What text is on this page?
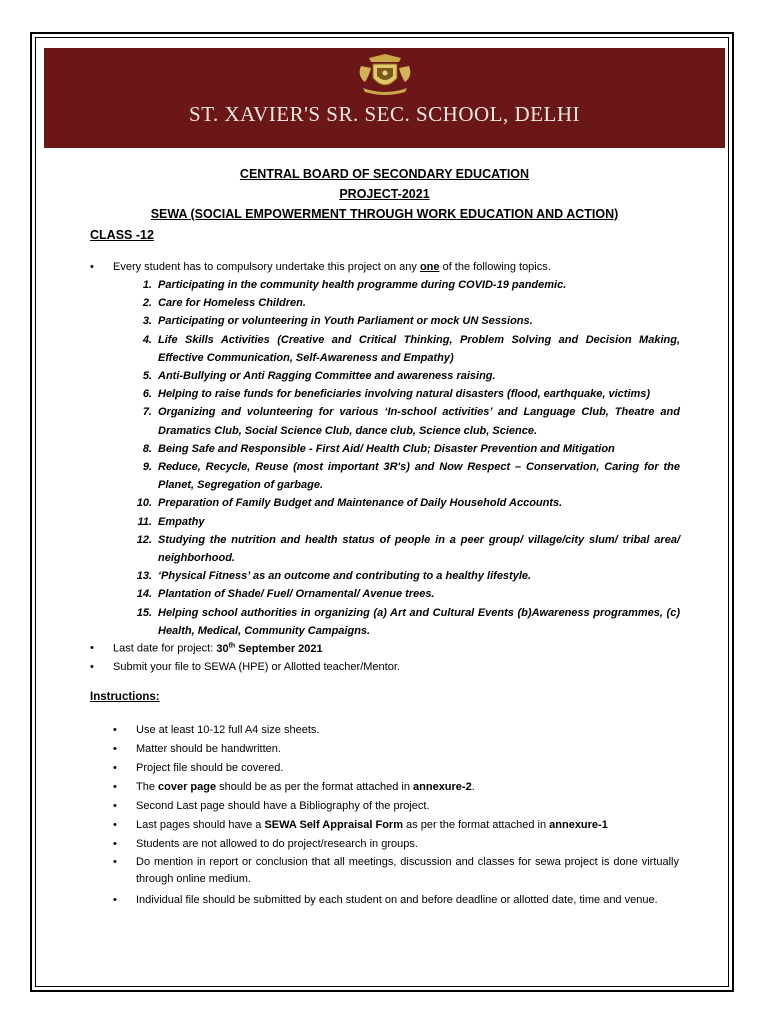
ST. XAVIER'S SR. SEC. SCHOOL, DELHI
CENTRAL BOARD OF SECONDARY EDUCATION
PROJECT-2021
SEWA (SOCIAL EMPOWERMENT THROUGH WORK EDUCATION AND ACTION)
CLASS -12
• Every student has to compulsory undertake this project on any one of the following topics.
1. Participating in the community health programme during COVID-19 pandemic.
2. Care for Homeless Children.
3. Participating or volunteering in Youth Parliament or mock UN Sessions.
4. Life Skills Activities (Creative and Critical Thinking, Problem Solving and Decision Making, Effective Communication, Self-Awareness and Empathy)
5. Anti-Bullying or Anti Ragging Committee and awareness raising.
6. Helping to raise funds for beneficiaries involving natural disasters (flood, earthquake, victims)
7. Organizing and volunteering for various ‘In-school activities’ and Language Club, Theatre and Dramatics Club, Social Science Club, dance club, Science club, Science.
8. Being Safe and Responsible - First Aid/ Health Club; Disaster Prevention and Mitigation
9. Reduce, Recycle, Reuse (most important 3R's) and Now Respect – Conservation, Caring for the Planet, Segregation of garbage.
10. Preparation of Family Budget and Maintenance of Daily Household Accounts.
11. Empathy
12. Studying the nutrition and health status of people in a peer group/ village/city slum/ tribal area/ neighborhood.
13. ‘Physical Fitness’ as an outcome and contributing to a healthy lifestyle.
14. Plantation of Shade/ Fuel/ Ornamental/ Avenue trees.
15. Helping school authorities in organizing (a) Art and Cultural Events (b)Awareness programmes, (c) Health, Medical, Community Campaigns.
• Last date for project: 30th September 2021
• Submit your file to SEWA (HPE) or Allotted teacher/Mentor.
Instructions:
• Use at least 10-12 full A4 size sheets.
• Matter should be handwritten.
• Project file should be covered.
• The cover page should be as per the format attached in annexure-2.
• Second Last page should have a Bibliography of the project.
• Last pages should have a SEWA Self Appraisal Form as per the format attached in annexure-1
• Students are not allowed to do project/research in groups.
• Do mention in report or conclusion that all meetings, discussion and classes for sewa project is done virtually through online medium.
• Individual file should be submitted by each student on and before deadline or allotted date, time and venue.
